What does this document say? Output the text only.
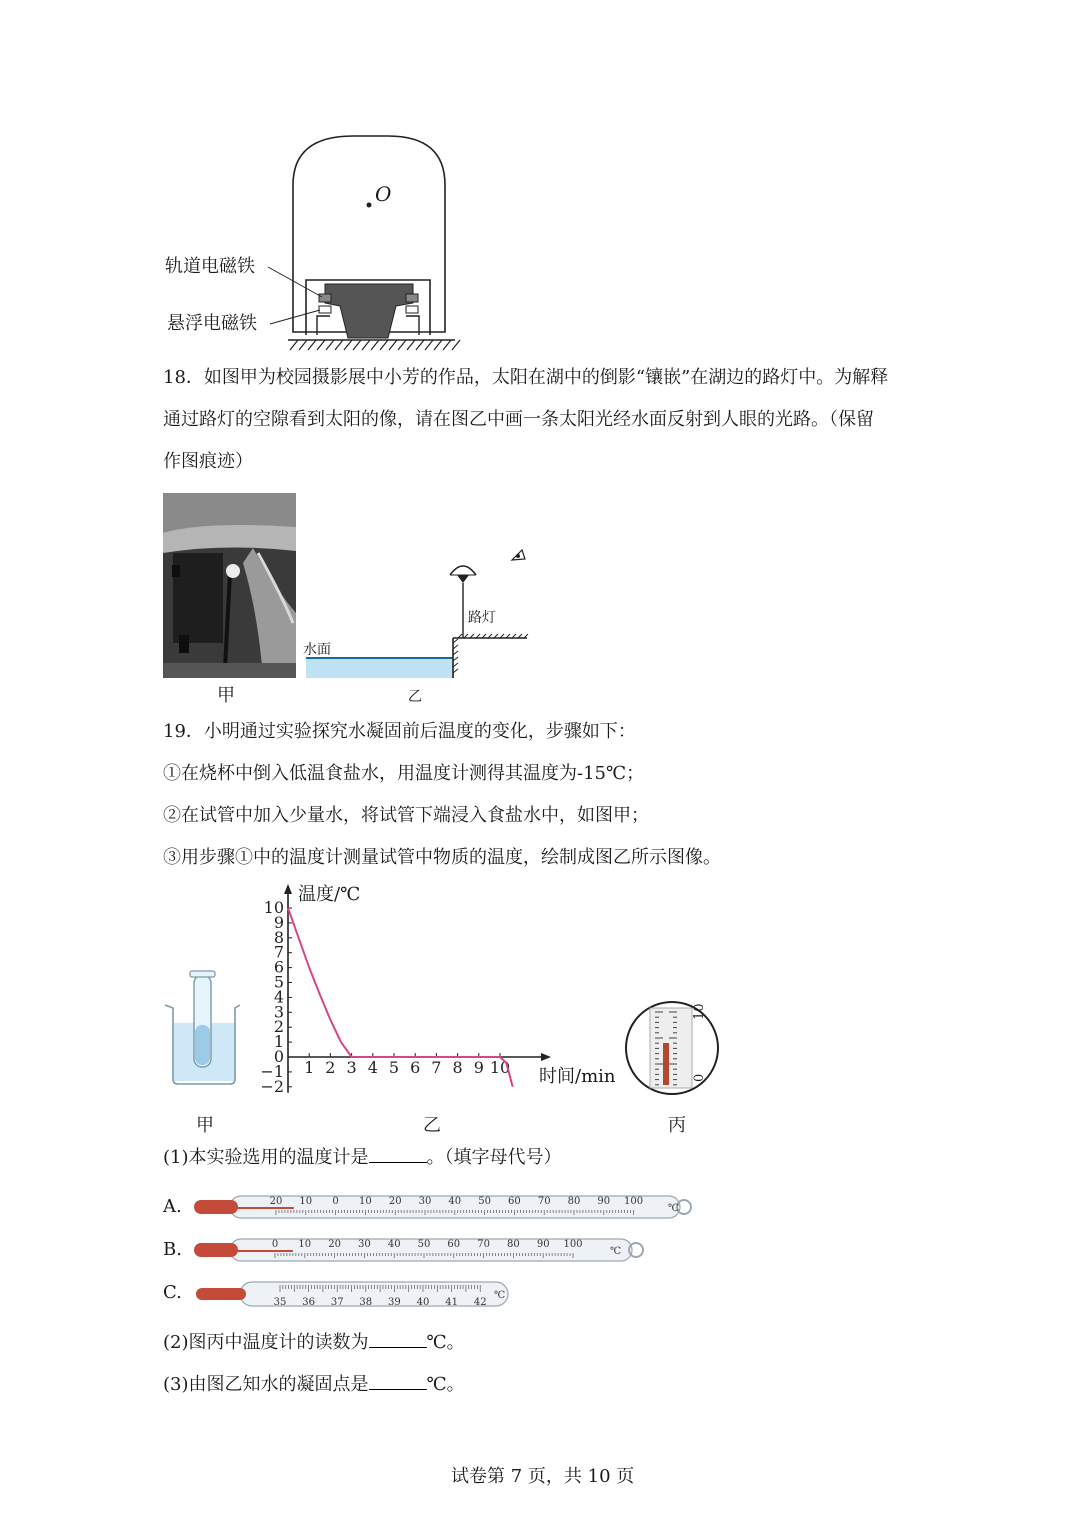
O
轨道电磁铁
悬浮电磁铁
18．如图甲为校园摄影展中小芳的作品，太阳在湖中的倒影“镶嵌”在湖边的路灯中。为解释
通过路灯的空隙看到太阳的像，请在图乙中画一条太阳光经水面反射到人眼的光路。（保留
作图痕迹）
甲
路灯
水面
乙
19．小明通过实验探究水凝固前后温度的变化，步骤如下：
①在烧杯中倒入低温食盐水，用温度计测得其温度为-15℃；
②在试管中加入少量水，将试管下端浸入食盐水中，如图甲；
③用步骤①中的温度计测量试管中物质的温度，绘制成图乙所示图像。
甲
−2
−1
0
1
2
3
4
5
6
7
8
9
10
1 2 3 4 5 6 7 8 9 10
温度/℃
时间/min
乙
10
0
丙
(1)本实验选用的温度计是	。（填字母代号）
A.	20 10 0 10 20 30 40 50 60 70 80 90 100
℃
B.	0 10 20 30 40 50 60 70 80 90 100
℃
C.	35 36 37 38 39 40 41 42
℃
(2)图丙中温度计的读数为	℃。
(3)由图乙知水的凝固点是	℃。
试卷第 7 页，共 10 页
